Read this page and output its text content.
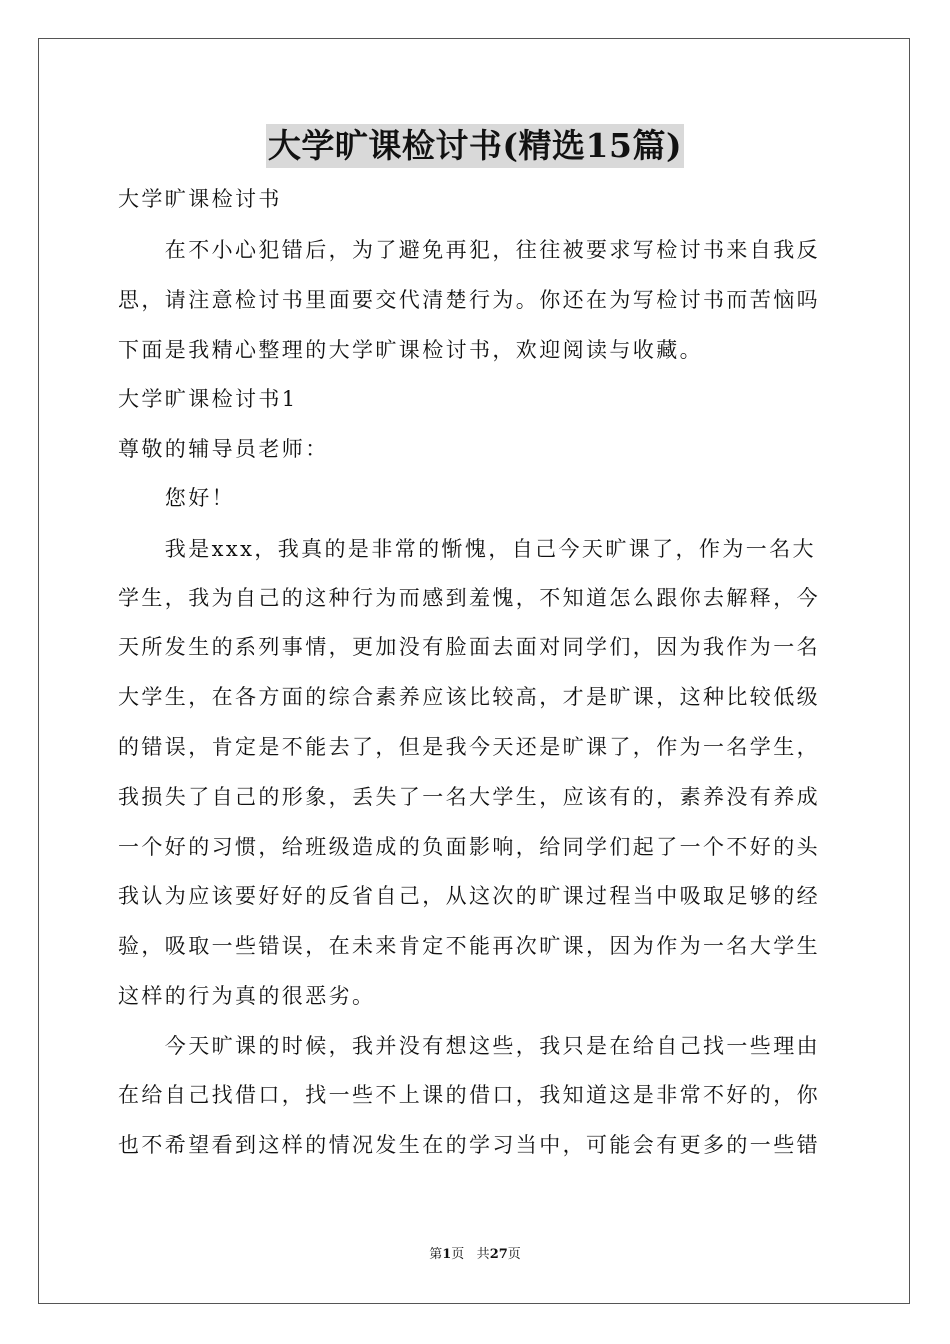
大学旷课检讨书(精选15篇)
大学旷课检讨书
　　在不小心犯错后，为了避免再犯，往往被要求写检讨书来自我反
思，请注意检讨书里面要交代清楚行为。你还在为写检讨书而苦恼吗
下面是我精心整理的大学旷课检讨书，欢迎阅读与收藏。
大学旷课检讨书1
尊敬的辅导员老师：
　　您好！
　　我是xxx，我真的是非常的惭愧，自己今天旷课了，作为一名大
学生，我为自己的这种行为而感到羞愧，不知道怎么跟你去解释，今
天所发生的系列事情，更加没有脸面去面对同学们，因为我作为一名
大学生，在各方面的综合素养应该比较高，才是旷课，这种比较低级
的错误，肯定是不能去了，但是我今天还是旷课了，作为一名学生，
我损失了自己的形象，丢失了一名大学生，应该有的，素养没有养成
一个好的习惯，给班级造成的负面影响，给同学们起了一个不好的头
我认为应该要好好的反省自己，从这次的旷课过程当中吸取足够的经
验，吸取一些错误，在未来肯定不能再次旷课，因为作为一名大学生
这样的行为真的很恶劣。
　　今天旷课的时候，我并没有想这些，我只是在给自己找一些理由
在给自己找借口，找一些不上课的借口，我知道这是非常不好的，你
也不希望看到这样的情况发生在的学习当中，可能会有更多的一些错
第1页 共27页
